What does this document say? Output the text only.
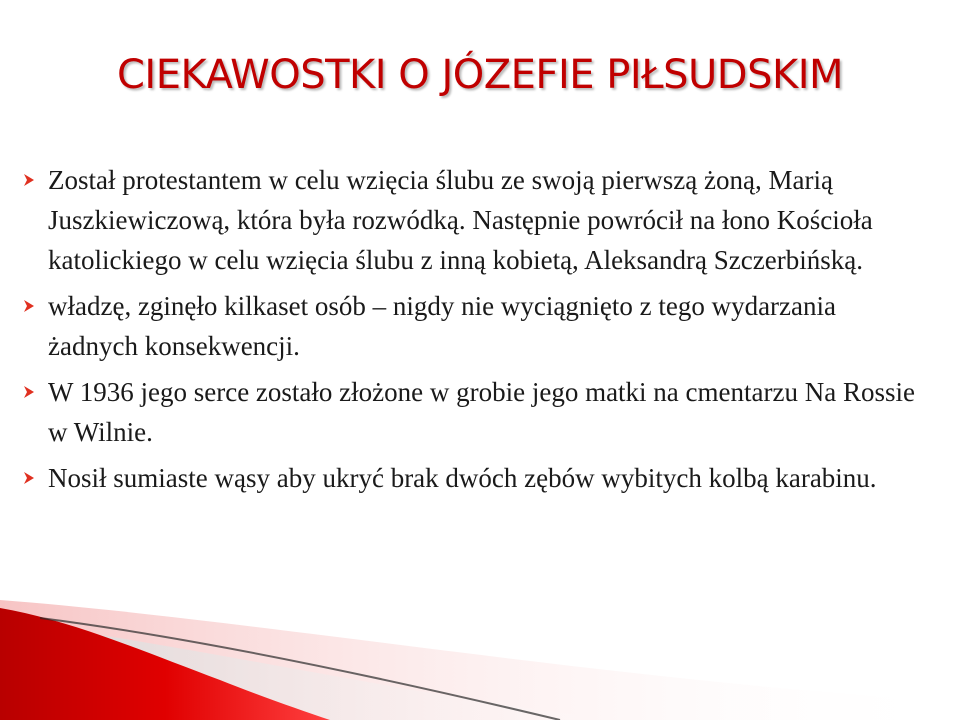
CIEKAWOSTKI O JÓZEFIE PIŁSUDSKIM
Został protestantem w celu wzięcia ślubu ze swoją pierwszą żoną, Marią Juszkiewiczową, która była rozwódką. Następnie powrócił na łono Kościoła katolickiego w celu wzięcia ślubu z inną kobietą, Aleksandrą Szczerbińską.
władzę, zginęło kilkaset osób – nigdy nie wyciągnięto z tego wydarzania żadnych konsekwencji.
W 1936 jego serce zostało złożone w grobie jego matki na cmentarzu Na Rossie w Wilnie.
Nosił sumiaste wąsy aby ukryć brak dwóch zębów wybitych kolbą karabinu.
